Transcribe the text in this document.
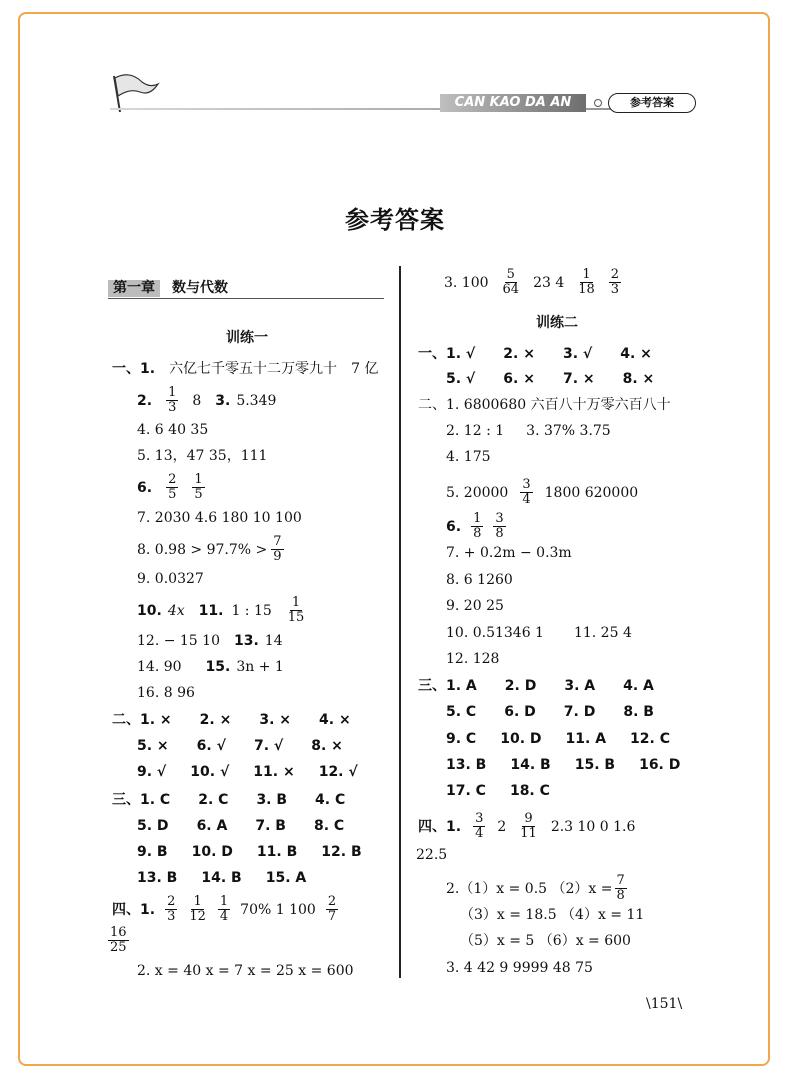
CAN KAO DA AN	参考答案
参考答案
第一章 数与代数
训练一
一、1. 六亿七千零五十二万零九十 7 亿
2. $\frac{1}{3} 8$ 3. 5.349
4. 6 40 35
5. 13，47 35，111
6. $\frac{2}{5} \frac{1}{5}$
7. 2030 4.6 180 10 100
8. $0.98 > 97.7\% > \frac{7}{9}$
9. 0.0327
10. 4x 11. 1 : $15 \frac{1}{15}$
12. − 15 10 13. 14
14. 90 15. 3n + 1
16. 8 96
二、1. × 2. × 3. × 4. ×
5. × 6. √ 7. √ 8. ×
9. √ 10. √ 11. × 12. √
三、1. C 2. C 3. B 4. C
5. D 6. A 7. B 8. C
9. B 10. D 11. B 12. B
13. B 14. B 15. A
四、1. $\frac{2}{3} \frac{1}{12} \frac{1}{4} 70\%$ 1 $100 \frac{2}{7}$
$\frac{16}{25}$
2. x = 40 x = 7 x = 25 x = 600
3. $100 \frac{5}{64} 23$ $4 \frac{1}{18} \frac{2}{3}$
训练二
一、1. √ 2. × 3. √ 4. ×
5. √ 6. × 7. × 8. ×
二、1. 6800680 六百八十万零六百八十
2. 12 : 1 3. 37% 3.75
4. 175
5. $20000 \frac{3}{4} 1800$ 620000
6. $\frac{1}{8} \frac{3}{8}$
7. + 0.2m − 0.3m
8. 6 1260
9. 20 25
10. 0.51346 1 11. 25 4
12. 128
三、1. A 2. D 3. A 4. A
5. C 6. D 7. D 8. B
9. C 10. D 11. A 12. C
13. B 14. B 15. B 16. D
17. C 18. C
四、1. $\frac{3}{4} 2 \frac{9}{11} 2.3$ 10 0 1.6
22.5
2.（1）x = 0.5 $(2)x = \frac{7}{8}$
（3）x = 18.5 （4）x = 11
（5）x = 5 （6）x = 600
3. 4 42 9 9999 48 75
\151\
